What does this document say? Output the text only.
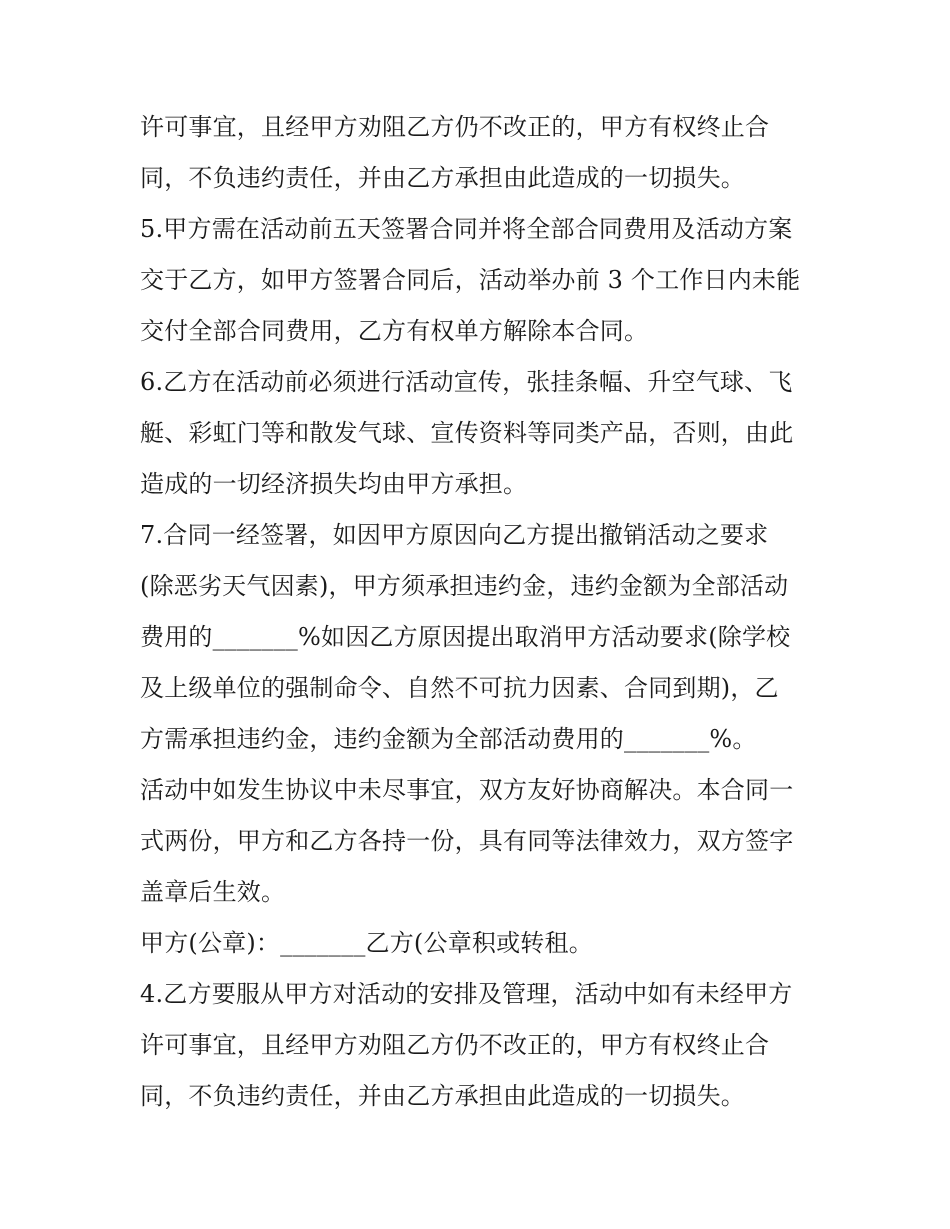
许可事宜，且经甲方劝阻乙方仍不改正的，甲方有权终止合
同，不负违约责任，并由乙方承担由此造成的一切损失。
5.甲方需在活动前五天签署合同并将全部合同费用及活动方案
交于乙方，如甲方签署合同后，活动举办前 3 个工作日内未能
交付全部合同费用，乙方有权单方解除本合同。
6.乙方在活动前必须进行活动宣传，张挂条幅、升空气球、飞
艇、彩虹门等和散发气球、宣传资料等同类产品，否则，由此
造成的一切经济损失均由甲方承担。
7.合同一经签署，如因甲方原因向乙方提出撤销活动之要求
(除恶劣天气因素)，甲方须承担违约金，违约金额为全部活动
费用的_______%如因乙方原因提出取消甲方活动要求(除学校
及上级单位的强制命令、自然不可抗力因素、合同到期)，乙
方需承担违约金，违约金额为全部活动费用的_______%。
活动中如发生协议中未尽事宜，双方友好协商解决。本合同一
式两份，甲方和乙方各持一份，具有同等法律效力，双方签字
盖章后生效。
甲方(公章)：_______乙方(公章积或转租。
4.乙方要服从甲方对活动的安排及管理，活动中如有未经甲方
许可事宜，且经甲方劝阻乙方仍不改正的，甲方有权终止合
同，不负违约责任，并由乙方承担由此造成的一切损失。
